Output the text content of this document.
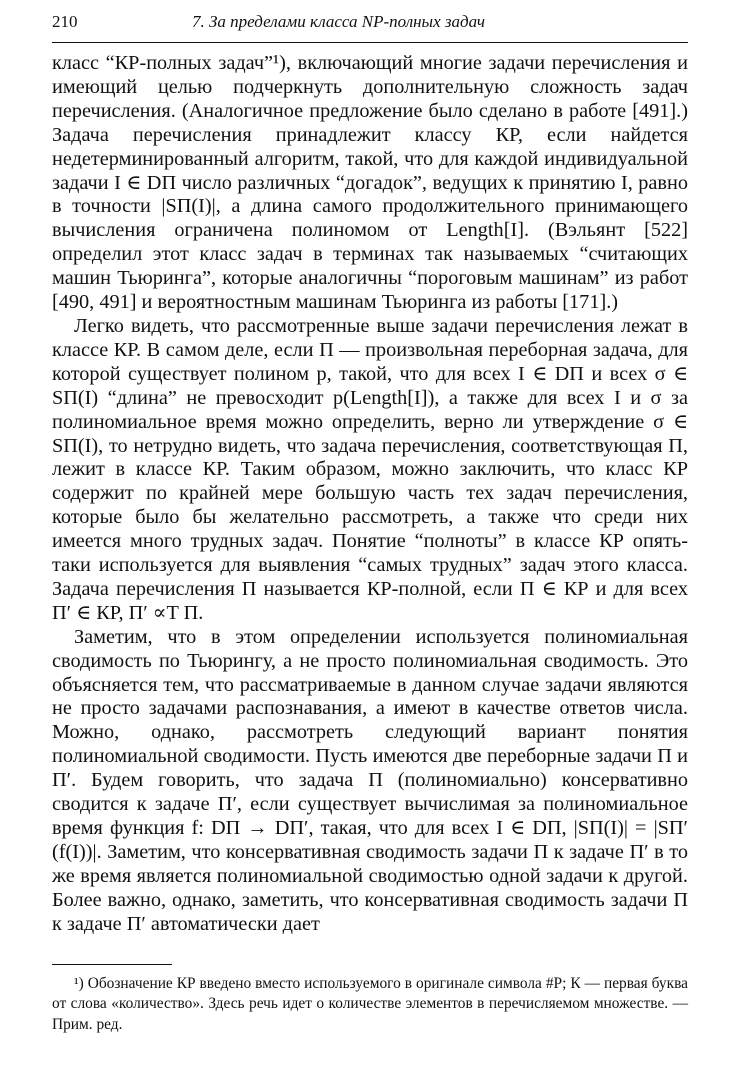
210	7. За пределами класса NP-полных задач

класс “КР-полных задач”¹), включающий многие задачи перечисления и имеющий целью подчеркнуть дополнительную сложность задач перечисления. (Аналогичное предложение было сделано в работе [491].) Задача перечисления принадлежит классу КР, если найдется недетерминированный алгоритм, такой, что для каждой индивидуальной задачи I ∈ DΠ число различных “догадок”, ведущих к принятию I, равно в точности |SΠ(I)|, а длина самого продолжительного принимающего вычисления ограничена полиномом от Length[I]. (Вэльянт [522] определил этот класс задач в терминах так называемых “считающих машин Тьюринга”, которые аналогичны “пороговым машинам” из работ [490, 491] и вероятностным машинам Тьюринга из работы [171].)

Легко видеть, что рассмотренные выше задачи перечисления лежат в классе КР. В самом деле, если Π — произвольная переборная задача, для которой существует полином p, такой, что для всех I ∈ DΠ и всех σ ∈ SΠ(I) “длина” не превосходит p(Length[I]), а также для всех I и σ за полиномиальное время можно определить, верно ли утверждение σ ∈ SΠ(I), то нетрудно видеть, что задача перечисления, соответствующая Π, лежит в классе КР. Таким образом, можно заключить, что класс КР содержит по крайней мере большую часть тех задач перечисления, которые было бы желательно рассмотреть, а также что среди них имеется много трудных задач. Понятие “полноты” в классе КР опять-таки используется для выявления “самых трудных” задач этого класса. Задача перечисления Π называется КР-полной, если Π ∈ КР и для всех Π′ ∈ КР, Π′ ∝T Π.

Заметим, что в этом определении используется полиномиальная сводимость по Тьюрингу, а не просто полиномиальная сводимость. Это объясняется тем, что рассматриваемые в данном случае задачи являются не просто задачами распознавания, а имеют в качестве ответов числа. Можно, однако, рассмотреть следующий вариант понятия полиномиальной сводимости. Пусть имеются две переборные задачи Π и Π′. Будем говорить, что задача Π (полиномиально) консервативно сводится к задаче Π′, если существует вычислимая за полиномиальное время функция f: DΠ → DΠ′, такая, что для всех I ∈ DΠ, |SΠ(I)| = |SΠ′(f(I))|. Заметим, что консервативная сводимость задачи Π к задаче Π′ в то же время является полиномиальной сводимостью одной задачи к другой. Более важно, однако, заметить, что консервативная сводимость задачи Π к задаче Π′ автоматически дает

¹) Обозначение КР введено вместо используемого в оригинале символа #P; К — первая буква от слова «количество». Здесь речь идет о количестве элементов в перечисляемом множестве. — Прим. ред.
